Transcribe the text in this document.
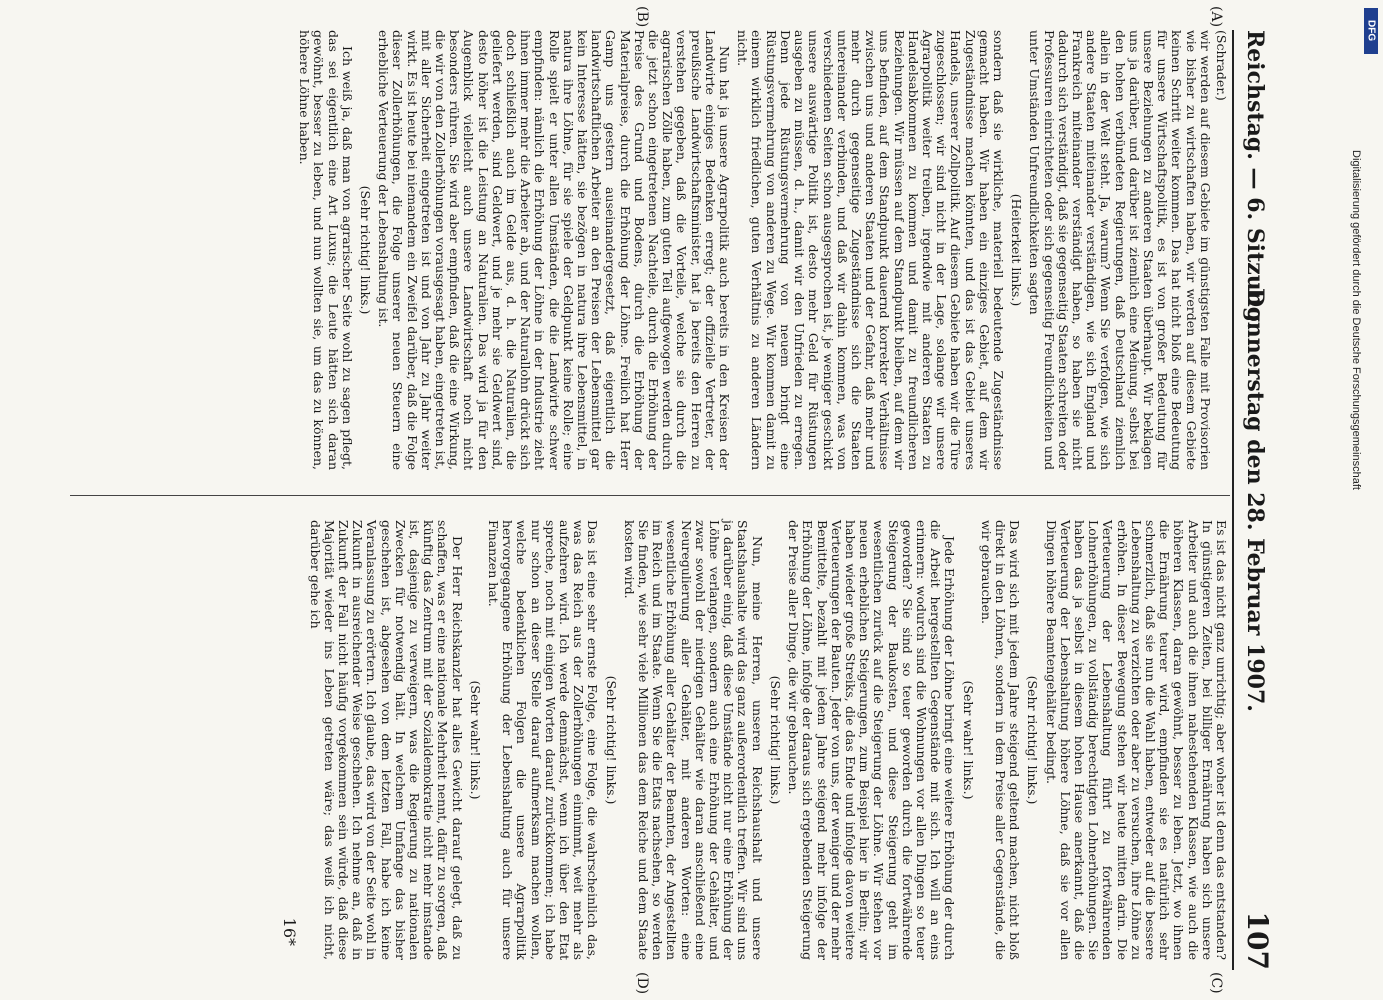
DFG
Digitalisierung gefördert durch die Deutsche Forschungsgemeinschaft
Reichstag. — 6. Sitzung.
Donnerstag den 28. Februar 1907.
107
(A)
(B)
(C)
(D)

(Schrader.)

wir werden auf diesem Gebiete im günstigsten Falle mit Provisorien wie bisher zu wirtschaften haben, wir werden auf diesem Gebiete keinen Schritt weiter kommen. Das hat nicht bloß eine Bedeutung für unsere Wirtschaftspolitik, es ist von großer Bedeutung für unsere Beziehungen zu anderen Staaten überhaupt. Wir beklagen uns ja darüber, und darüber ist ziemlich eine Meinung, selbst bei den hohen verbündeten Regierungen, daß Deutschland ziemlich allein in der Welt steht. Ja, warum? Wenn Sie verfolgen, wie sich andere Staaten miteinander verständigen, wie sich England und Frankreich miteinander verständigt haben, so haben sie nicht dadurch sich verständigt, daß sie gegenseitig Staaten schreiten oder Professuren einrichteten oder sich gegenseitig Freundlichkeiten und unter Umständen Unfreundlichkeiten sagten

(Heiterkeit links.)

sondern daß sie wirkliche, materiell bedeutende Zugeständnisse gemacht haben. Wir haben ein einziges Gebiet, auf dem wir Zugeständnisse machen könnten, und das ist das Gebiet unseres Handels, unserer Zollpolitik. Auf diesem Gebiete haben wir die Türe zugeschlossen; wir sind nicht in der Lage, solange wir unsere Agrarpolitik weiter treiben, irgendwie mit anderen Staaten zu Handelsabkommen zu kommen und damit zu freundlicheren Beziehungen. Wir müssen auf dem Standpunkt bleiben, auf dem wir uns befinden, auf dem Standpunkt dauernd korrekter Verhältnisse zwischen uns und anderen Staaten und der Gefahr, daß mehr und mehr durch gegenseitige Zugeständnisse sich die Staaten untereinander verbinden, und daß wir dahin kommen, was von verschiedenen Seiten schon ausgesprochen ist, je weniger geschickt unsere auswärtige Politik ist, desto mehr Geld für Rüstungen ausgeben zu müssen, d. h., damit wir den Unfrieden zu erregen. Denn jede Rüstungsvermehrung von neuem bringt eine Rüstungsvermehrung von anderen zu Wege. Wir kommen damit zu einem wirklich friedlichen, guten Verhältnis zu anderen Ländern nicht.

Nun hat ja unsere Agrarpolitik auch bereits in den Kreisen der Landwirte einiges Bedenken erregt; der offizielle Vertreter, der preußische Landwirtschaftsminister, hat ja bereits den Herren zu verstehen gegeben, daß die Vorteile, welche sie durch die agrarischen Zölle haben, zum guten Teil aufgewogen werden durch die jetzt schon eingetretenen Nachteile, durch die Erhöhung der Preise des Grund und Bodens, durch die Erhöhung der Materialpreise, durch die Erhöhung der Löhne. Freilich hat Herr Gamp uns gestern auseinandergesetzt, daß eigentlich die landwirtschaftlichen Arbeiter an den Preisen der Lebensmittel gar kein Interesse hätten, sie bezögen in natura ihre Lebensmittel, in natura ihre Löhne, für sie spiele der Geldpunkt keine Rolle; eine Rolle spielt er unter allen Umständen, die die Landwirte schwer empfinden: nämlich die Erhöhung der Löhne in der Industrie zieht ihnen immer mehr die Arbeiter ab, und der Naturallohn drückt sich doch schließlich auch im Gelde aus, d. h. die Naturalien, die geliefert werden, sind Geldwert, und je mehr sie Geldwert sind, desto höher ist die Leistung an Naturalien. Das wird ja für den Augenblick vielleicht auch unsere Landwirtschaft noch nicht besonders rühren. Sie wird aber empfinden, daß die eine Wirkung, die wir von den Zollerhöhungen vorausgesagt haben, eingetreten ist, mit aller Sicherheit eingetreten ist und von Jahr zu Jahr weiter wirkt. Es ist heute bei niemandem ein Zweifel darüber, daß die Folge dieser Zollerhöhungen, die Folge unserer neuen Steuern eine erhebliche Verteuerung der Lebenshaltung ist.

(Sehr richtig! links.)

Ich weiß ja, daß man von agrarischer Seite wohl zu sagen pflegt, das sei eigentlich eine Art Luxus; die Leute hätten sich daran gewöhnt, besser zu leben, und nun wollten sie, um das zu können, höhere Löhne haben.

Es ist das nicht ganz unrichtig; aber woher ist denn das entstanden? In günstigeren Zeiten, bei billiger Ernährung haben sich unsere Arbeiter und auch die ihnen nahestehenden Klassen, wie auch die höheren Klassen, daran gewöhnt, besser zu leben. Jetzt, wo ihnen die Ernährung teurer wird, empfinden sie es natürlich sehr schmerzlich, daß sie nun die Wahl haben, entweder auf die bessere Lebenshaltung zu verzichten oder aber zu versuchen, ihre Löhne zu erhöhen. In dieser Bewegung stehen wir heute mitten darin. Die Verteuerung der Lebenshaltung führt zu fortwährenden Lohnerhöhungen, zu vollständig berechtigten Lohnerhöhungen. Sie haben das ja selbst in diesem hohen Hause anerkannt, daß die Verteuerung der Lebenshaltung höhere Löhne, daß sie vor allen Dingen höhere Beamtengehälter bedingt.

(Sehr richtig! links.)

Das wird sich mit jedem Jahre steigend geltend machen, nicht bloß direkt in den Löhnen, sondern in dem Preise aller Gegenstände, die wir gebrauchen.

(Sehr wahr! links.)

Jede Erhöhung der Löhne bringt eine weitere Erhöhung der durch die Arbeit hergestellten Gegenstände mit sich. Ich will an eins erinnern: wodurch sind die Wohnungen vor allen Dingen so teuer geworden? Sie sind so teuer geworden durch die fortwährende Steigerung der Baukosten, und diese Steigerung geht im wesentlichen zurück auf die Steigerung der Löhne. Wir stehen vor neuen erheblichen Steigerungen, zum Beispiel hier in Berlin; wir haben wieder große Streiks, die das Ende und infolge davon weitere Verteuerungen der Bauten. Jeder von uns, der weniger und der mehr Bemittelte, bezahlt mit jedem Jahre steigend mehr infolge der Erhöhung der Löhne, infolge der daraus sich ergebenden Steigerung der Preise aller Dinge, die wir gebrauchen.

(Sehr richtig! links.)

Nun, meine Herren, unseren Reichshaushalt und unsere Staatshaushalte wird das ganz außerordentlich treffen. Wir sind uns ja darüber einig, daß diese Umstände nicht nur eine Erhöhung der Löhne verlangen, sondern auch eine Erhöhung der Gehälter, und zwar sowohl der niedrigen Gehälter wie daran anschließend eine Neuregulierung aller Gehälter, mit anderen Worten: eine wesentliche Erhöhung aller Gehälter der Beamten, der Angestellten im Reich und im Staate. Wenn Sie die Etats nachsehen, so werden Sie finden, wie sehr viele Millionen das dem Reiche und dem Staate kosten wird.

(Sehr richtig! links.)

Das ist eine sehr ernste Folge, eine Folge, die wahrscheinlich das, was das Reich aus der Zollerhöhungen einnimmt, weit mehr als aufzehren wird. Ich werde demnächst, wenn ich über den Etat spreche, noch mit einigen Worten darauf zurückkommen; ich habe nur schon an dieser Stelle darauf aufmerksam machen wollen, welche bedenklichen Folgen die unsere Agrarpolitik hervorgegangene Erhöhung der Lebenshaltung auch für unsere Finanzen hat.

(Sehr wahr! links.)

Der Herr Reichskanzler hat alles Gewicht darauf gelegt, daß zu schaffen, was er eine nationale Mehrheit nennt, dafür zu sorgen, daß künftig das Zentrum mit der Sozialdemokratie nicht mehr imstande ist, dasjenige zu verweigern, was die Regierung zu nationalen Zwecken für notwendig hält. In welchem Umfange das bisher geschehen ist, abgesehen von dem letzten Fall, habe ich keine Veranlassung zu erörtern. Ich glaube, das wird von der Seite wohl in Zukunft in ausreichender Weise geschehen. Ich nehme an, daß in Zukunft der Fall nicht häufig vorgekommen sein würde, daß diese Majorität wieder ins Leben getreten wäre; das weiß ich nicht, darüber gehe ich

16*
